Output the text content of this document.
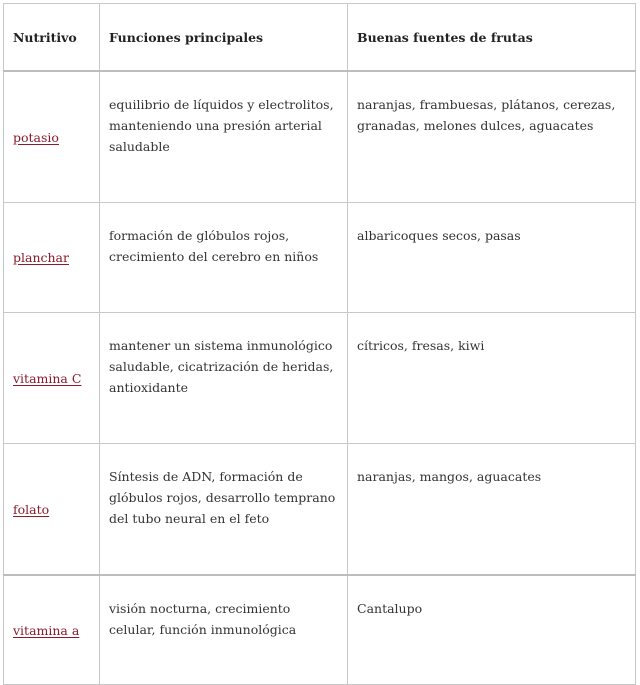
Nutritivo	Funciones principales	Buenas fuentes de frutas
potasio	equilibrio de líquidos y electrolitos, manteniendo una presión arterial saludable	naranjas, frambuesas, plátanos, cerezas, granadas, melones dulces, aguacates
planchar	formación de glóbulos rojos, crecimiento del cerebro en niños	albaricoques secos, pasas
vitamina C	mantener un sistema inmunológico saludable, cicatrización de heridas, antioxidante	cítricos, fresas, kiwi
folato	Síntesis de ADN, formación de glóbulos rojos, desarrollo temprano del tubo neural en el feto	naranjas, mangos, aguacates
vitamina a	visión nocturna, crecimiento celular, función inmunológica	Cantalupo
